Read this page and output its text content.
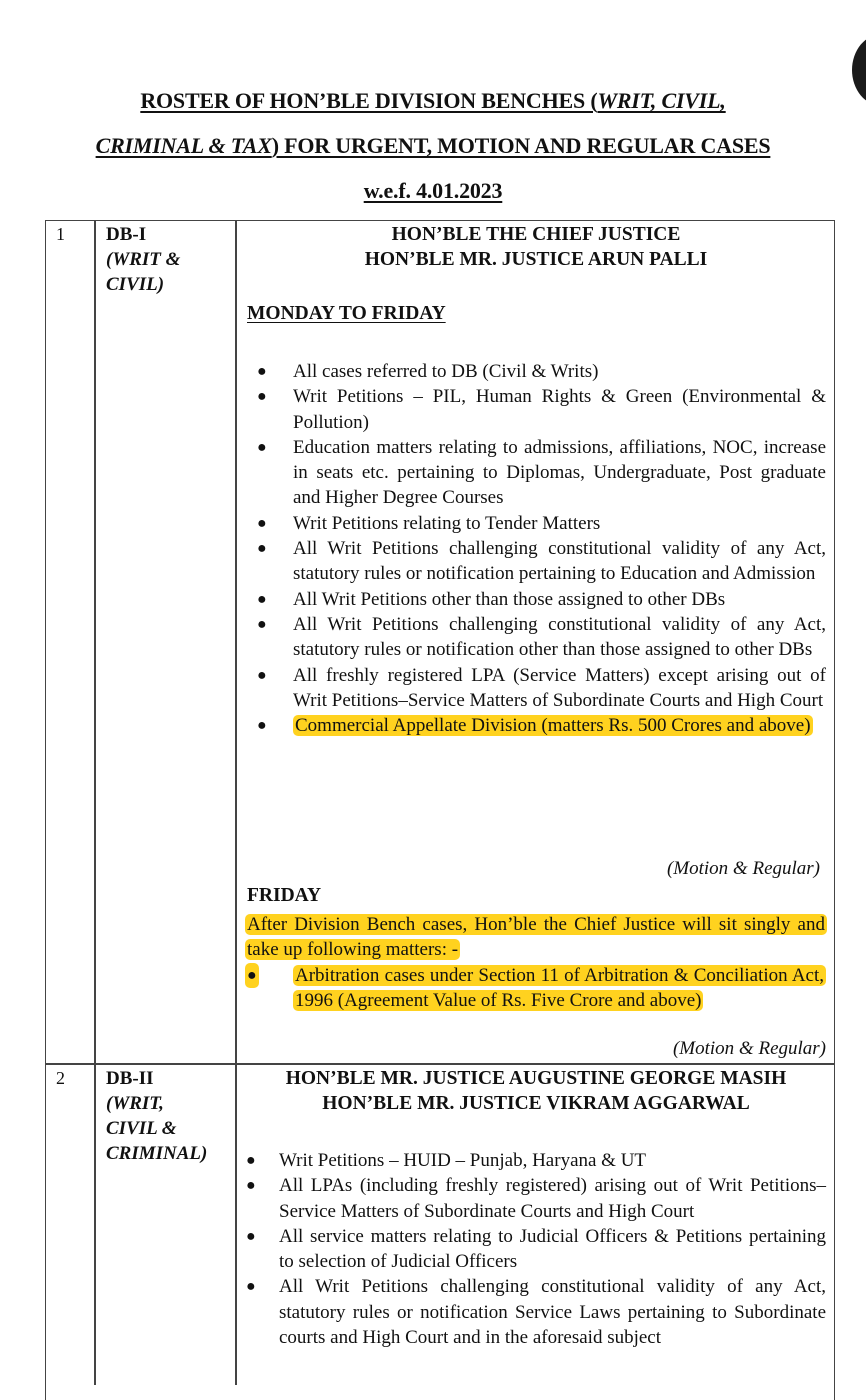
ROSTER OF HON’BLE DIVISION BENCHES (WRIT, CIVIL,
CRIMINAL & TAX) FOR URGENT, MOTION AND REGULAR CASES
w.e.f. 4.01.2023
1 DB-I
(WRIT &
CIVIL)
HON’BLE THE CHIEF JUSTICE
HON’BLE MR. JUSTICE ARUN PALLI
MONDAY TO FRIDAY
● All cases referred to DB (Civil & Writs)
● Writ Petitions – PIL, Human Rights & Green (Environmental & Pollution)
● Education matters relating to admissions, affiliations, NOC, increase in seats etc. pertaining to Diplomas, Undergraduate, Post graduate and Higher Degree Courses
● Writ Petitions relating to Tender Matters
● All Writ Petitions challenging constitutional validity of any Act, statutory rules or notification pertaining to Education and Admission
● All Writ Petitions other than those assigned to other DBs
● All Writ Petitions challenging constitutional validity of any Act, statutory rules or notification other than those assigned to other DBs
● All freshly registered LPA (Service Matters) except arising out of Writ Petitions–Service Matters of Subordinate Courts and High Court
● Commercial Appellate Division (matters Rs. 500 Crores and above)
(Motion & Regular)
FRIDAY
After Division Bench cases, Hon’ble the Chief Justice will sit singly and take up following matters: -
● Arbitration cases under Section 11 of Arbitration & Conciliation Act, 1996 (Agreement Value of Rs. Five Crore and above)
(Motion & Regular)
2 DB-II
(WRIT,
CIVIL &
CRIMINAL)
HON’BLE MR. JUSTICE AUGUSTINE GEORGE MASIH
HON’BLE MR. JUSTICE VIKRAM AGGARWAL
● Writ Petitions – HUID – Punjab, Haryana & UT
● All LPAs (including freshly registered) arising out of Writ Petitions–Service Matters of Subordinate Courts and High Court
● All service matters relating to Judicial Officers & Petitions pertaining to selection of Judicial Officers
● All Writ Petitions challenging constitutional validity of any Act, statutory rules or notification Service Laws pertaining to Subordinate courts and High Court and in the aforesaid subject
